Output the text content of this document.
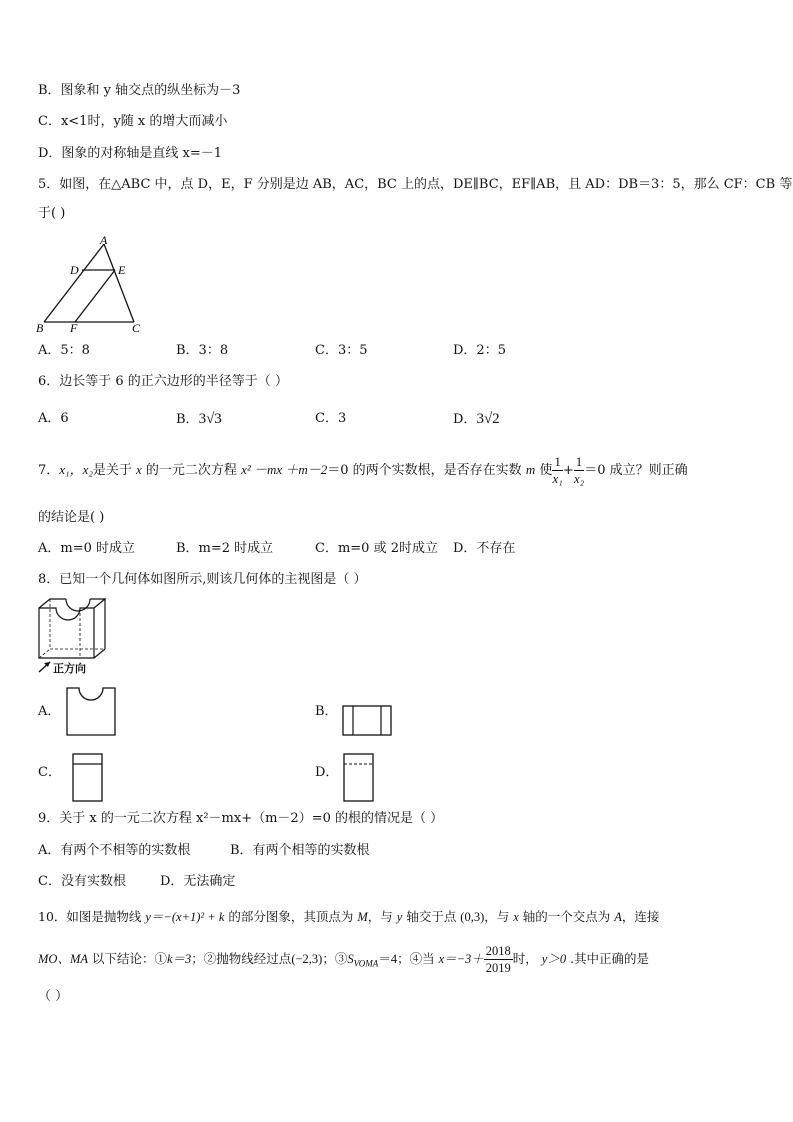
B．图象和 y 轴交点的纵坐标为－3
C．x<1时，y随 x 的增大而减小
D．图象的对称轴是直线 x=－1
5．如图，在△ABC 中，点 D，E，F 分别是边 AB，AC，BC 上的点，DE∥BC，EF∥AB，且 AD：DB＝3：5，那么 CF：CB 等
于( )
A
D	E
B F	C
A．5：8	B．3：8	C．3：5	D．2：5
6．边长等于 6 的正六边形的半径等于（ ）
A．6	B．3√3	C．3	D．3√2
7．x₁，x₂是关于 x 的一元二次方程 x² －mx ＋m－2＝0 的两个实数根，是否存在实数 m 使 $\frac{1}{\text{x₁}} + \frac{1}{\text{x₂}} =0$ 成立？则正确
的结论是( )
A．m=0 时成立	B．m=2 时成立	C．m=0 或 2时成立 D．不存在
8．已知一个几何体如图所示,则该几何体的主视图是（ ）
正方向
A．	B．
C．	D．
9．关于 x 的一元二次方程 x²－mx+（m－2）=0 的根的情况是（ ）
A．有两个不相等的实数根	B．有两个相等的实数根
C．没有实数根	D．无法确定
10．如图是抛物线 y＝−(x+1)² + k 的部分图象，其顶点为 M，与 y 轴交于点 (0,3)，与 x 轴的一个交点为 A，连接
MO、MA 以下结论：①k＝3；②抛物线经过点(−2,3)；$③S_{VOMA}=4$；④当 $x=-3+ \frac{2018}{2019}$ 时， y＞0 .其中正确的是
（ ）
